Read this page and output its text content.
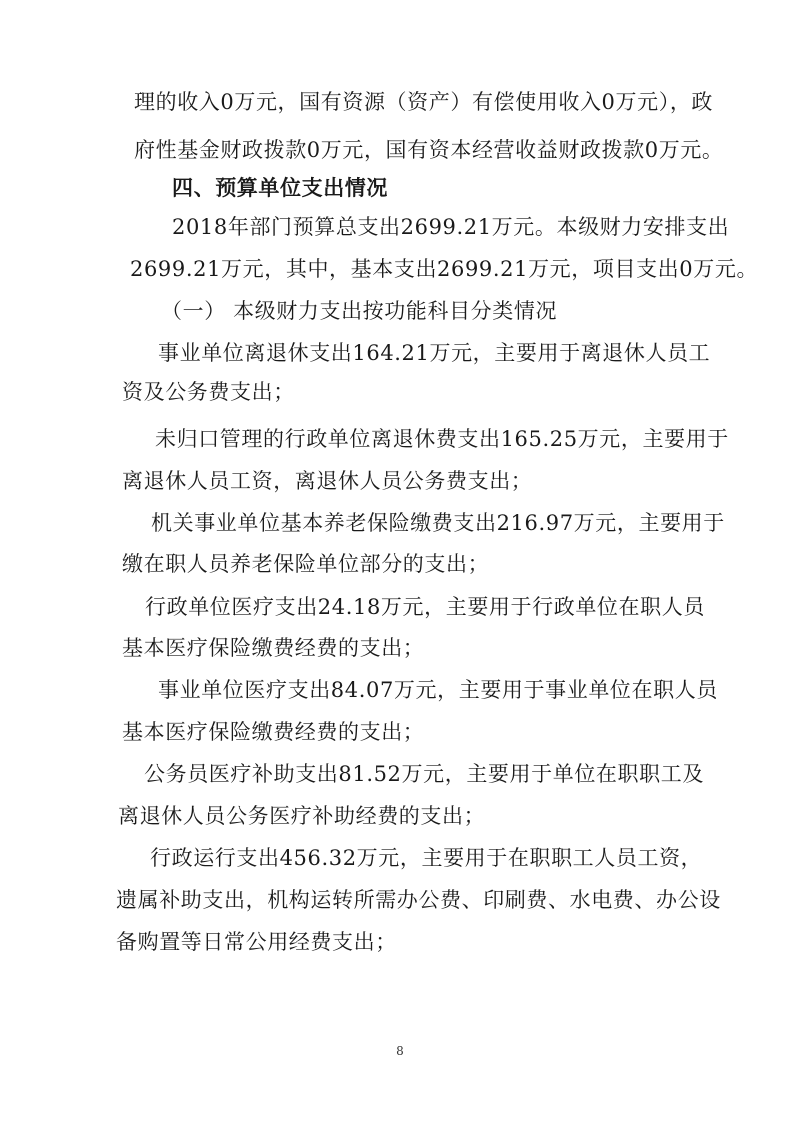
理的收入0万元，国有资源（资产）有偿使用收入0万元），政
府性基金财政拨款0万元，国有资本经营收益财政拨款0万元。
四、预算单位支出情况
2018年部门预算总支出2699.21万元。本级财力安排支出
2699.21万元，其中，基本支出2699.21万元，项目支出0万元。
（一） 本级财力支出按功能科目分类情况
事业单位离退休支出164.21万元，主要用于离退休人员工
资及公务费支出；
未归口管理的行政单位离退休费支出165.25万元，主要用于
离退休人员工资，离退休人员公务费支出；
机关事业单位基本养老保险缴费支出216.97万元，主要用于
缴在职人员养老保险单位部分的支出；
行政单位医疗支出24.18万元，主要用于行政单位在职人员
基本医疗保险缴费经费的支出；
事业单位医疗支出84.07万元，主要用于事业单位在职人员
基本医疗保险缴费经费的支出；
公务员医疗补助支出81.52万元，主要用于单位在职职工及
离退休人员公务医疗补助经费的支出；
行政运行支出456.32万元，主要用于在职职工人员工资，
遗属补助支出，机构运转所需办公费、印刷费、水电费、办公设
备购置等日常公用经费支出；
8
